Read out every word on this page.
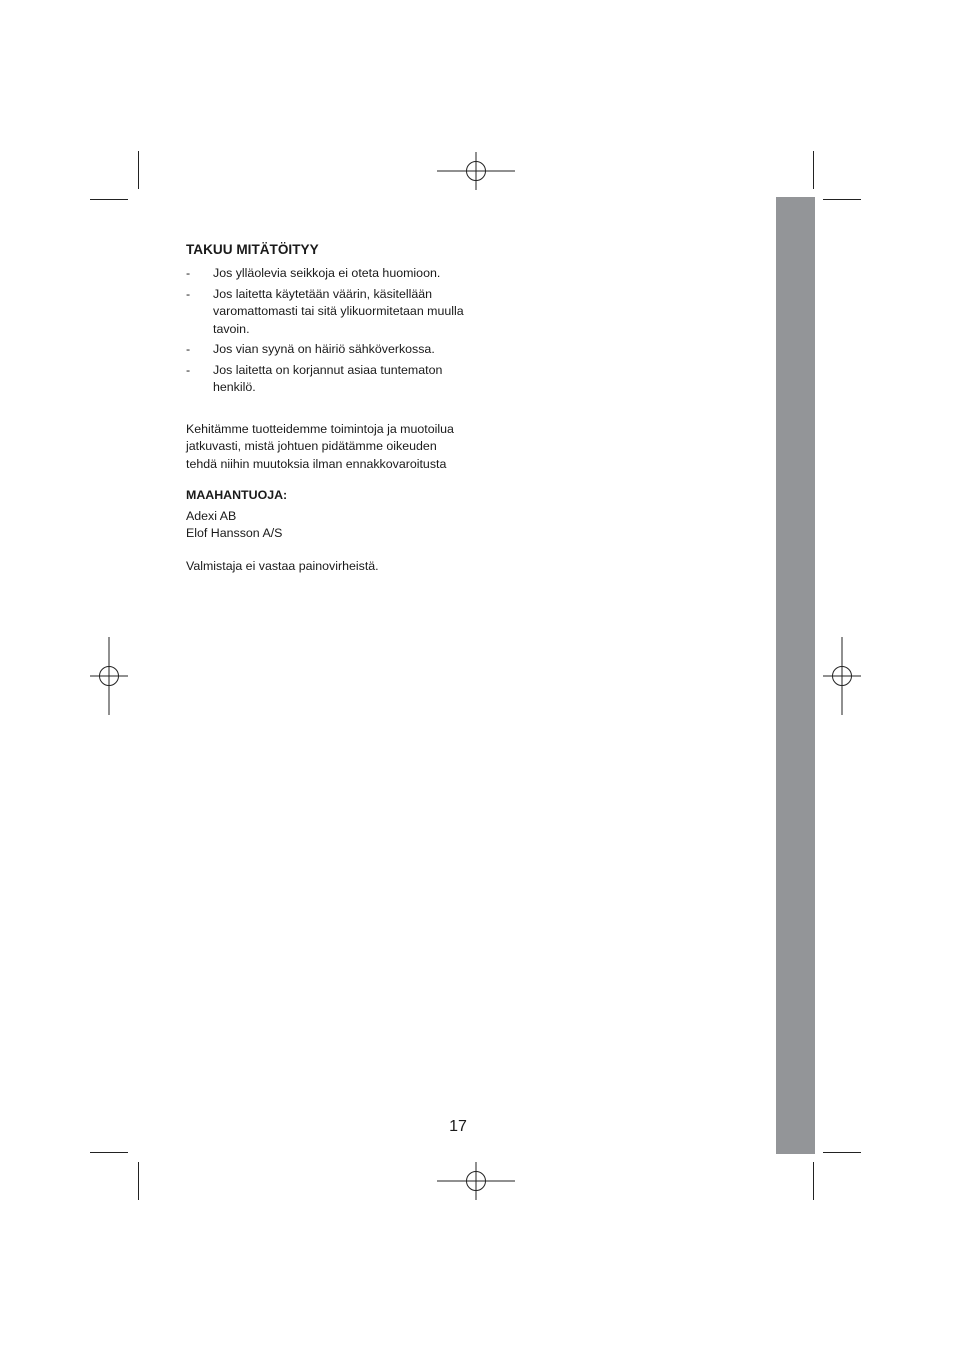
TAKUU MITÄTÖITYY
- Jos ylläolevia seikkoja ei oteta huomioon.
- Jos laitetta käytetään väärin, käsitellään varomattomasti tai sitä ylikuormitetaan muulla tavoin.
- Jos vian syynä on häiriö sähköverkossa.
- Jos laitetta on korjannut asiaa tuntematon henkilö.

Kehitämme tuotteidemme toimintoja ja muotoilua jatkuvasti, mistä johtuen pidätämme oikeuden tehdä niihin muutoksia ilman ennakkovaroitusta

MAAHANTUOJA:

Adexi AB

Elof Hansson A/S

Valmistaja ei vastaa painovirheistä.

17
